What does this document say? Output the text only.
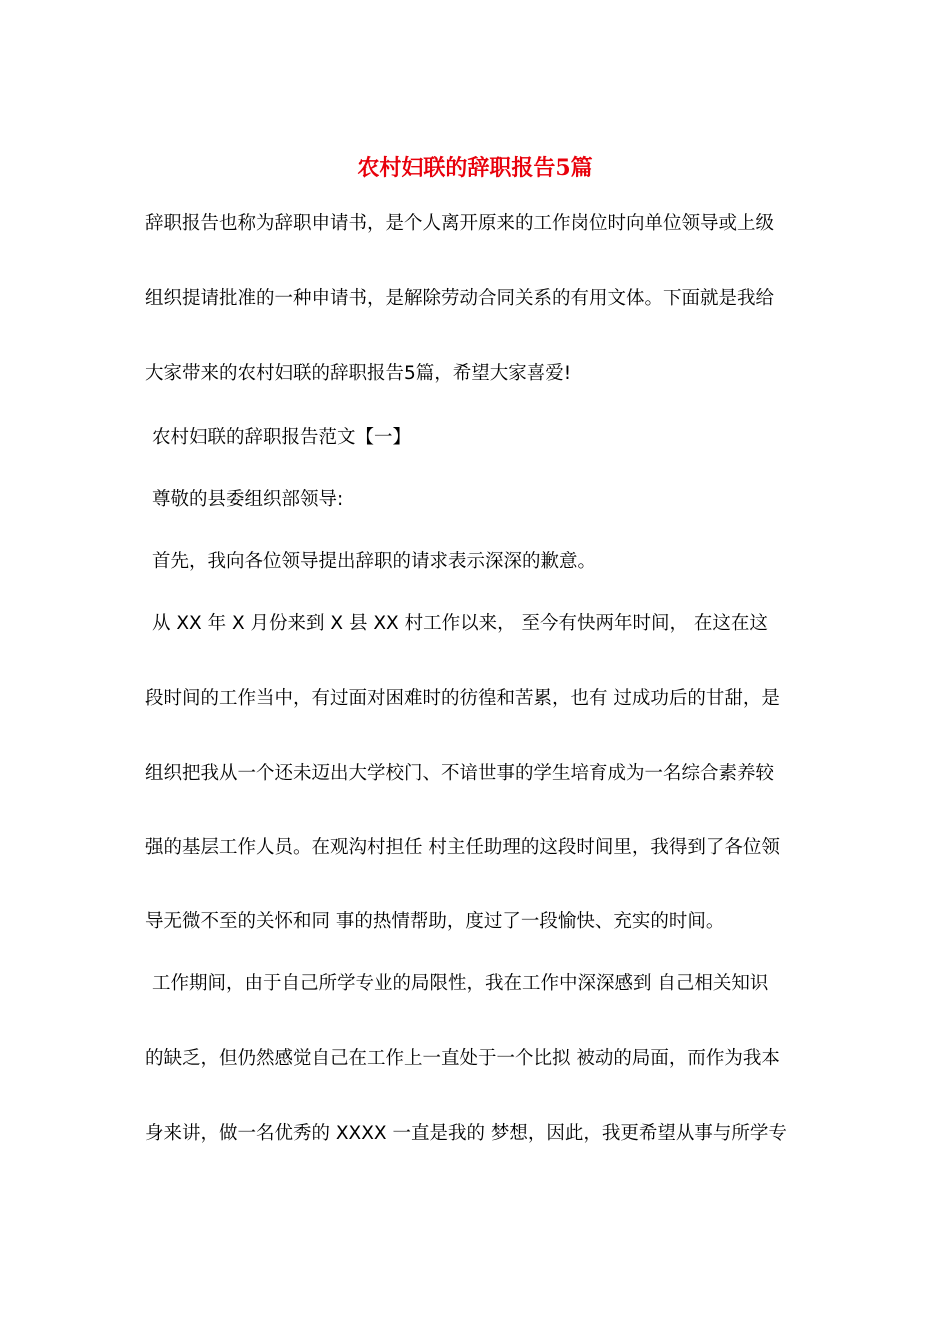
农村妇联的辞职报告5篇
辞职报告也称为辞职申请书，是个人离开原来的工作岗位时向单位领导或上级
组织提请批准的一种申请书，是解除劳动合同关系的有用文体。下面就是我给
大家带来的农村妇联的辞职报告5篇，希望大家喜爱!
农村妇联的辞职报告范文【一】
尊敬的县委组织部领导:
首先，我向各位领导提出辞职的请求表示深深的歉意。
从 XX 年 X 月份来到 X 县 XX 村工作以来， 至今有快两年时间， 在这在这
段时间的工作当中，有过面对困难时的彷徨和苦累，也有 过成功后的甘甜，是
组织把我从一个还未迈出大学校门、不谙世事的学生培育成为一名综合素养较
强的基层工作人员。在观沟村担任 村主任助理的这段时间里，我得到了各位领
导无微不至的关怀和同 事的热情帮助，度过了一段愉快、充实的时间。
工作期间，由于自己所学专业的局限性，我在工作中深深感到 自己相关知识
的缺乏，但仍然感觉自己在工作上一直处于一个比拟 被动的局面，而作为我本
身来讲，做一名优秀的 XXXX 一直是我的 梦想，因此，我更希望从事与所学专
